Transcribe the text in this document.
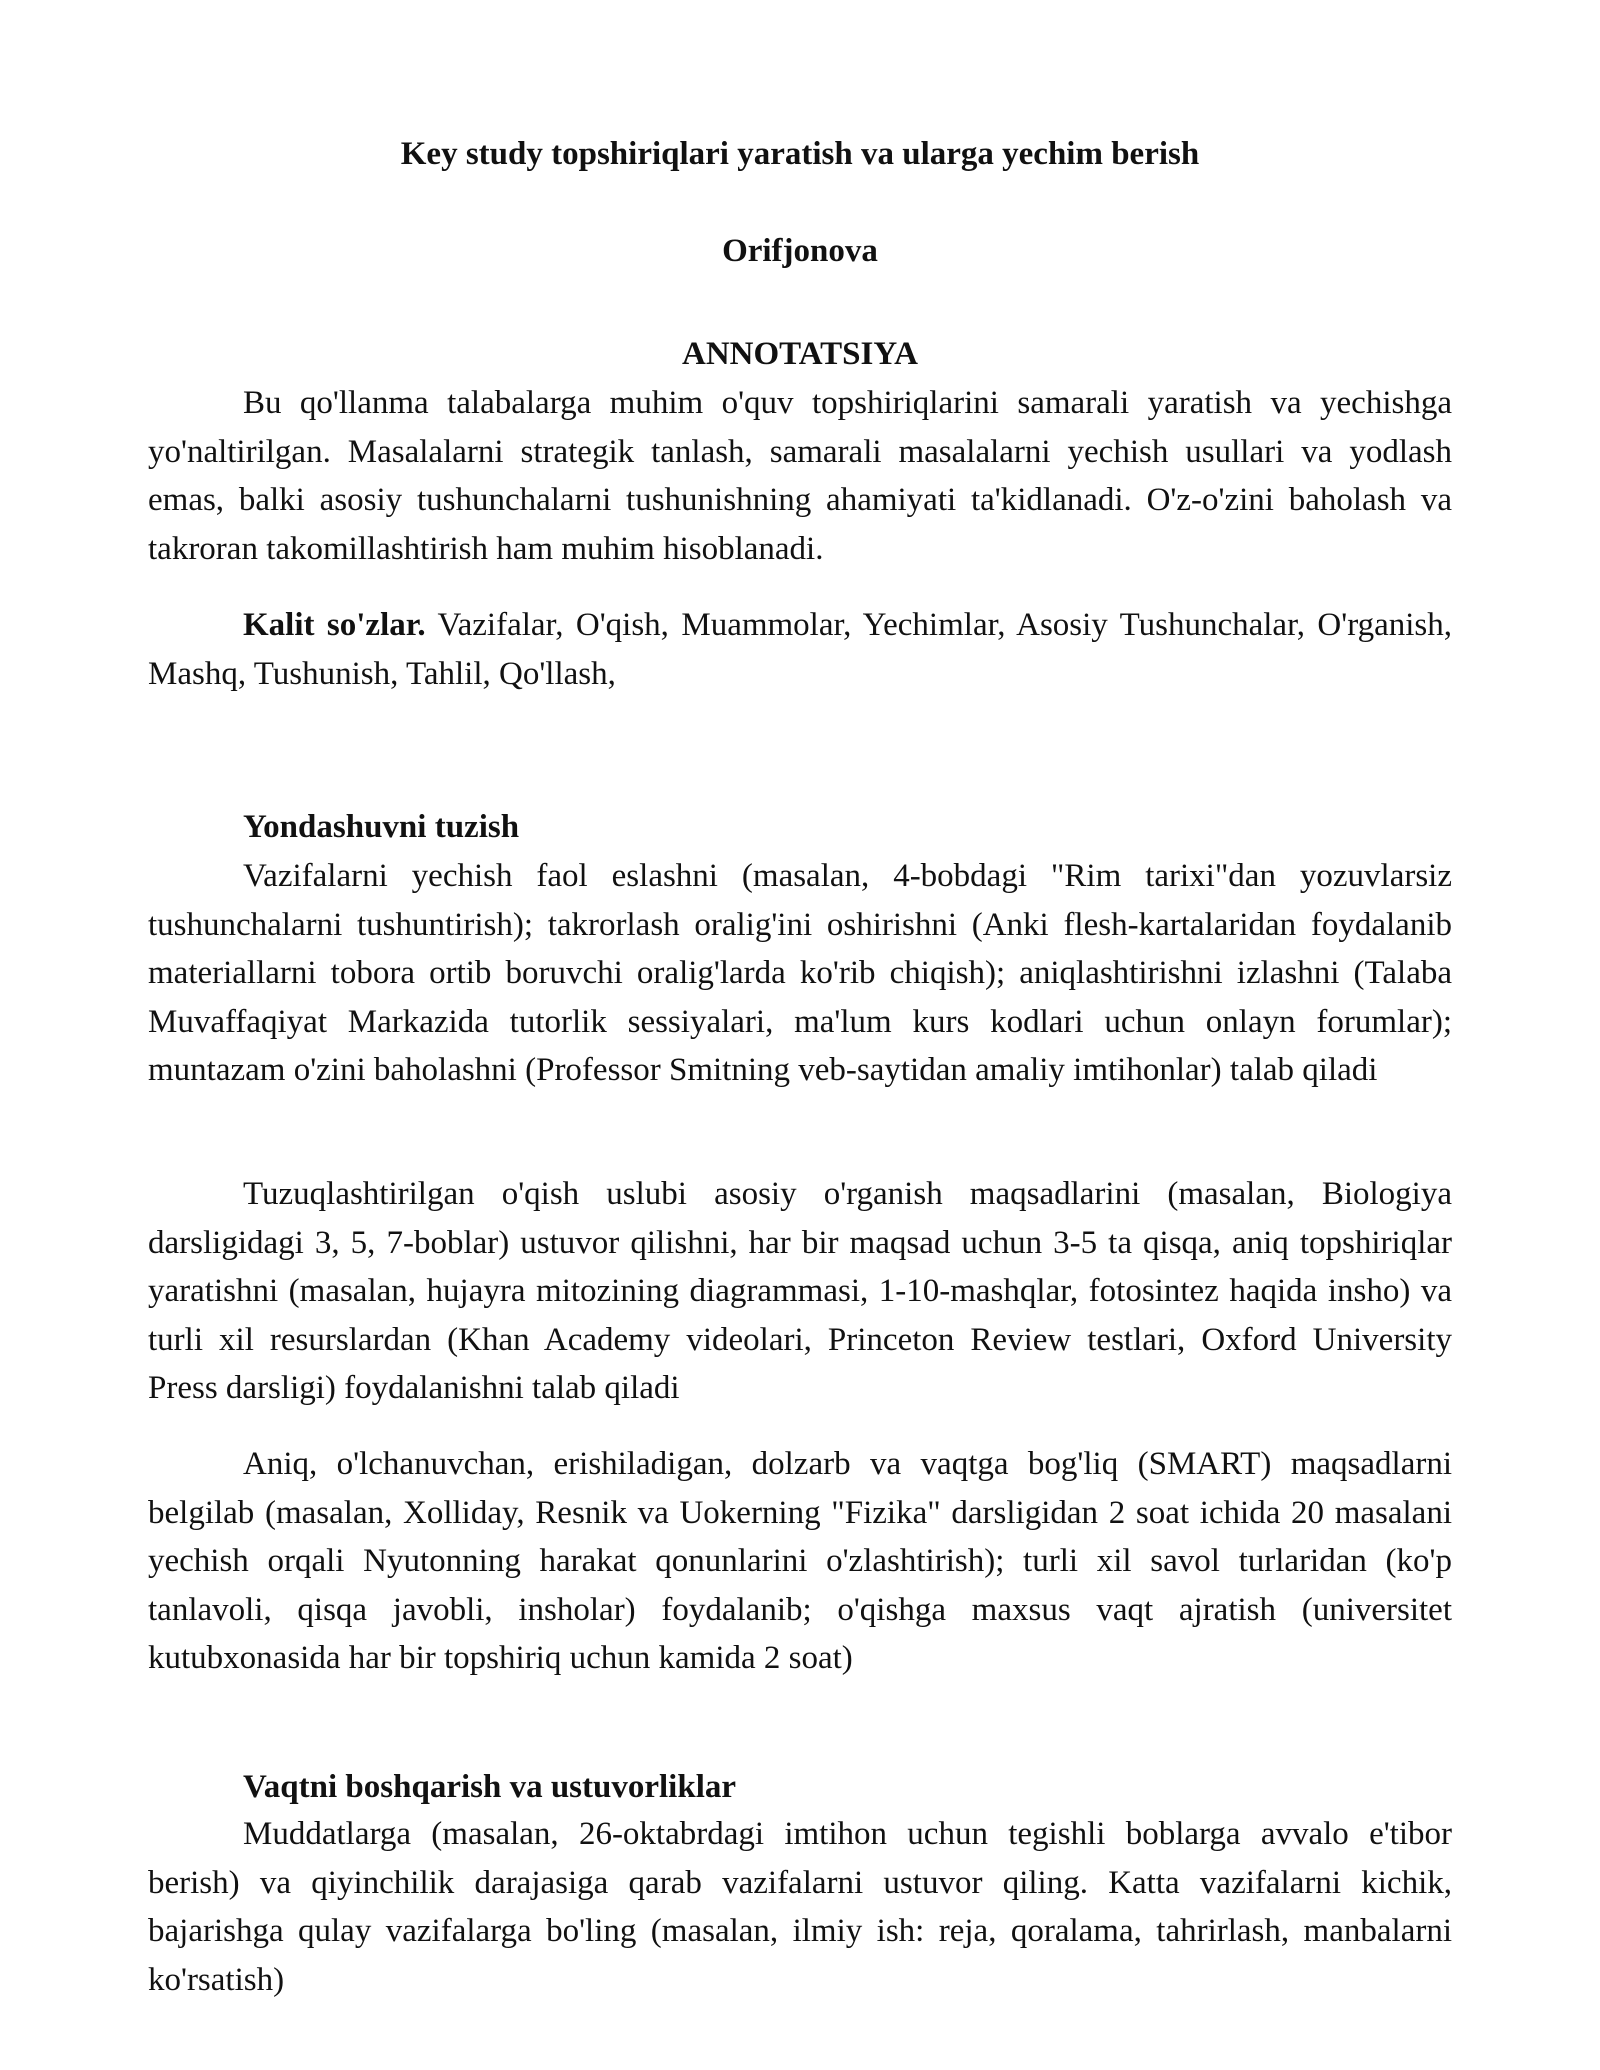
Key study topshiriqlari yaratish va ularga yechim berish
Orifjonova
ANNOTATSIYA

Bu qo'llanma talabalarga muhim o'quv topshiriqlarini samarali yaratish va yechishga yo'naltirilgan. Masalalarni strategik tanlash, samarali masalalarni yechish usullari va yodlash emas, balki asosiy tushunchalarni tushunishning ahamiyati ta'kidlanadi. O'z-o'zini baholash va takroran takomillashtirish ham muhim hisoblanadi.

Kalit so'zlar. Vazifalar, O'qish, Muammolar, Yechimlar, Asosiy Tushunchalar, O'rganish, Mashq, Tushunish, Tahlil, Qo'llash,

Yondashuvni tuzish

Vazifalarni yechish faol eslashni (masalan, 4-bobdagi "Rim tarixi"dan yozuvlarsiz tushunchalarni tushuntirish); takrorlash oralig'ini oshirishni (Anki flesh-kartalaridan foydalanib materiallarni tobora ortib boruvchi oralig'larda ko'rib chiqish); aniqlashtirishni izlashni (Talaba Muvaffaqiyat Markazida tutorlik sessiyalari, ma'lum kurs kodlari uchun onlayn forumlar); muntazam o'zini baholashni (Professor Smitning veb-saytidan amaliy imtihonlar) talab qiladi

Tuzuqlashtirilgan o'qish uslubi asosiy o'rganish maqsadlarini (masalan, Biologiya darsligidagi 3, 5, 7-boblar) ustuvor qilishni, har bir maqsad uchun 3-5 ta qisqa, aniq topshiriqlar yaratishni (masalan, hujayra mitozining diagrammasi, 1-10-mashqlar, fotosintez haqida insho) va turli xil resurslardan (Khan Academy videolari, Princeton Review testlari, Oxford University Press darsligi) foydalanishni talab qiladi

Aniq, o'lchanuvchan, erishiladigan, dolzarb va vaqtga bog'liq (SMART) maqsadlarni belgilab (masalan, Xolliday, Resnik va Uokerning "Fizika" darsligidan 2 soat ichida 20 masalani yechish orqali Nyutonning harakat qonunlarini o'zlashtirish); turli xil savol turlaridan (ko'p tanlavoli, qisqa javobli, insholar) foydalanib; o'qishga maxsus vaqt ajratish (universitet kutubxonasida har bir topshiriq uchun kamida 2 soat)

Vaqtni boshqarish va ustuvorliklar

Muddatlarga (masalan, 26-oktabrdagi imtihon uchun tegishli boblarga avvalo e'tibor berish) va qiyinchilik darajasiga qarab vazifalarni ustuvor qiling. Katta vazifalarni kichik, bajarishga qulay vazifalarga bo'ling (masalan, ilmiy ish: reja, qoralama, tahrirlash, manbalarni ko'rsatish)
